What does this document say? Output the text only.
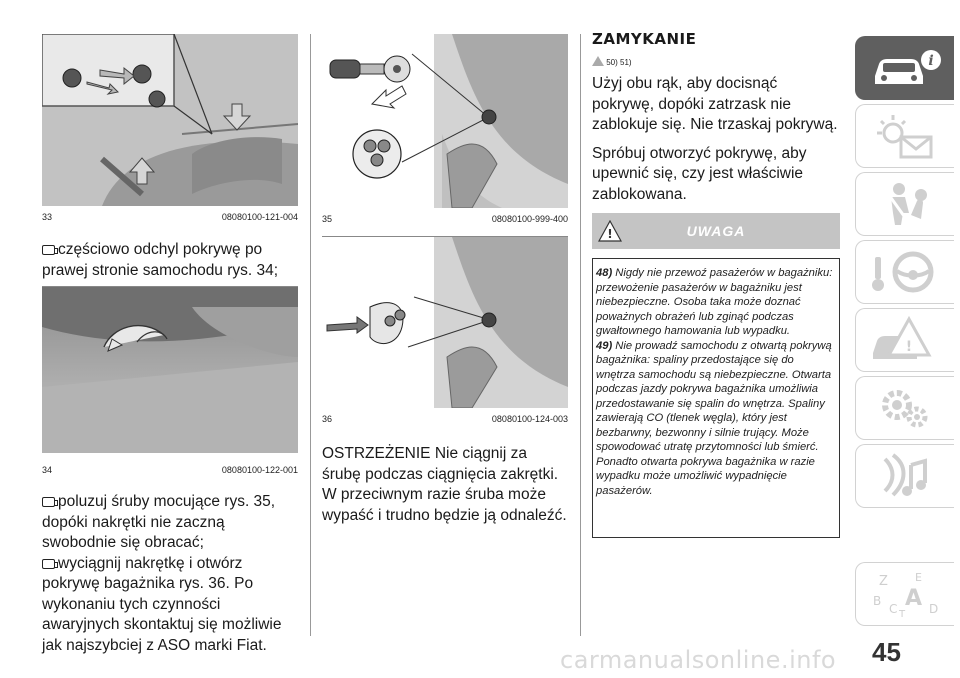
33	08080100-121-004

częściowo odchyl pokrywę po prawej stronie samochodu rys. 34;

34	08080100-122-001

poluzuj śruby mocujące rys. 35, dopóki nakrętki nie zaczną swobodnie się obracać;

wyciągnij nakrętkę i otwórz pokrywę bagażnika rys. 36. Po wykonaniu tych czynności awaryjnych skontaktuj się możliwie jak najszybciej z ASO marki Fiat.

35	08080100-999-400
36	08080100-124-003

OSTRZEŻENIE Nie ciągnij za śrubę podczas ciągnięcia zakrętki. W przeciwnym razie śruba może wypaść i trudno będzie ją odnaleźć.

ZAMYKANIE
50) 51)

Użyj obu rąk, aby docisnąć pokrywę, dopóki zatrzask nie zablokuje się. Nie trzaskaj pokrywą.

Spróbuj otworzyć pokrywę, aby upewnić się, czy jest właściwie zablokowana.

!	UWAGA
48) Nigdy nie przewoź pasażerów w bagażniku: przewożenie pasażerów w bagażniku jest niebezpieczne. Osoba taka może doznać poważnych obrażeń lub zginąć podczas gwałtownego hamowania lub wypadku.
49) Nie prowadź samochodu z otwartą pokrywą bagażnika: spaliny przedostające się do wnętrza samochodu są niebezpieczne. Otwarta podczas jazdy pokrywa bagażnika umożliwia przedostawanie się spalin do wnętrza. Spaliny zawierają CO (tlenek węgla), który jest bezbarwny, bezwonny i silnie trujący. Może spowodować utratę przytomności lub śmierć. Ponadto otwarta pokrywa bagażnika w razie wypadku może umożliwić wypadnięcie pasażerów.
i
!
Z E
B
C A
T D
45
carmanualsonline.info
